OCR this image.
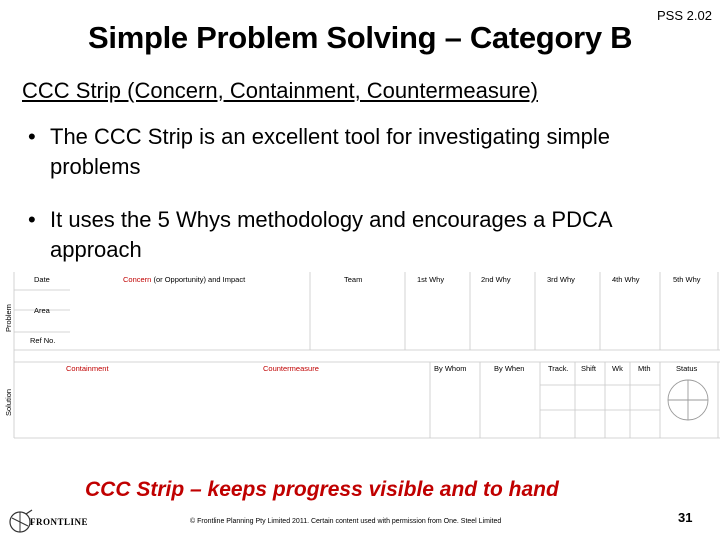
Simple Problem Solving – Category B
PSS 2.02
CCC Strip (Concern, Containment, Countermeasure)
• The CCC Strip is an excellent tool for investigating simple problems
• It uses the 5 Whys methodology and encourages a PDCA approach
Problem
Solution
Date	Concern (or Opportunity) and Impact	Team	1st Why	2nd Why	3rd Why	4th Why	5th Why
Area
Ref No.
Containment	Countermeasure	By Whom	By When	Track. Shift Wk Mth	Status
CCC Strip – keeps progress visible and to hand
FRONTLINE	© Frontline Planning Pty Limited 2011. Certain content used with permission from One. Steel Limited	31
